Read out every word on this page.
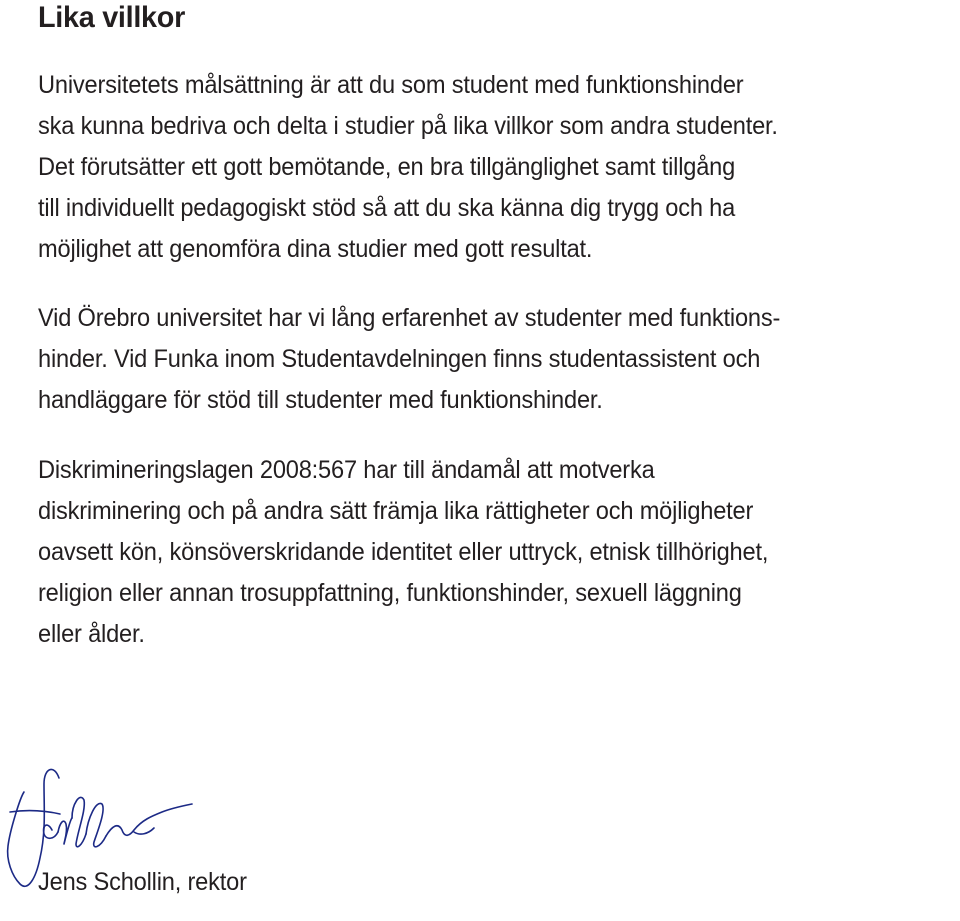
Lika villkor

Universitetets målsättning är att du som student med funktionshinder
ska kunna bedriva och delta i studier på lika villkor som andra studenter.
Det förutsätter ett gott bemötande, en bra tillgänglighet samt tillgång
till individuellt pedagogiskt stöd så att du ska känna dig trygg och ha
möjlighet att genomföra dina studier med gott resultat.

Vid Örebro universitet har vi lång erfarenhet av studenter med funktions-
hinder. Vid Funka inom Studentavdelningen finns studentassistent och
handläggare för stöd till studenter med funktionshinder.

Diskrimineringslagen 2008:567 har till ändamål att motverka
diskriminering och på andra sätt främja lika rättigheter och möjligheter
oavsett kön, könsöverskridande identitet eller uttryck, etnisk tillhörighet,
religion eller annan trosuppfattning, funktionshinder, sexuell läggning
eller ålder.

Jens Schollin, rektor
